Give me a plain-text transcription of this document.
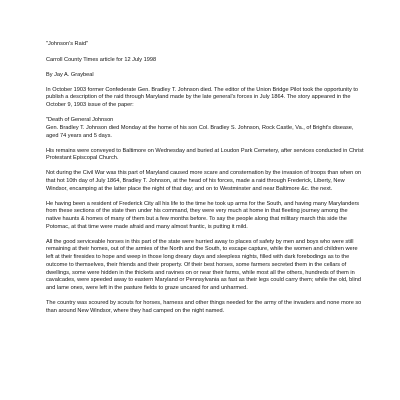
"Johnson's Raid"

Carroll County Times article for 12 July 1998

By Jay A. Graybeal

In October 1903 former Confederate Gen. Bradley T. Johnson died. The editor of the Union Bridge Pilot took the opportunity to publish a description of the raid through Maryland made by the late general's forces in July 1864. The story appeared in the October 9, 1903 issue of the paper:

"Death of General Johnson

Gen. Bradley T. Johnson died Monday at the home of his son Col. Bradley S. Johnson, Rock Castle, Va., of Bright's disease, aged 74 years and 5 days.

His remains were conveyed to Baltimore on Wednesday and buried at Loudon Park Cemetery, after services conducted in Christ Protestant Episcopal Church.

Not during the Civil War was this part of Maryland caused more scare and consternation by the invasion of troops than when on that hot 10th day of July 1864, Bradley T. Johnson, at the head of his forces, made a raid through Frederick, Liberty, New Windsor, encamping at the latter place the night of that day; and on to Westminster and near Baltimore &c. the next.

He having been a resident of Frederick City all his life to the time he took up arms for the South, and having many Marylanders from these sections of the state then under his command, they were very much at home in that fleeting journey among the native haunts & homes of many of them but a few months before. To say the people along that military march this side the Potomac, at that time were made afraid and many almost frantic, is putting it mild.

All the good serviceable horses in this part of the state were hurried away to places of safety by men and boys who were still remaining at their homes, out of the armies of the North and the South, to escape capture, while the women and children were left at their firesides to hope and weep in those long dreary days and sleepless nights, filled with dark forebodings as to the outcome to themselves, their friends and their property. Of their best horses, some farmers secreted them in the cellars of dwellings, some were hidden in the thickets and ravines on or near their farms, while most all the others, hundreds of them in cavalcades, were speeded away to eastern Maryland or Pennsylvania as fast as their legs could carry them; while the old, blind and lame ones, were left in the pasture fields to graze uncared for and unharmed.

The country was scoured by scouts for horses, harness and other things needed for the army of the invaders and none more so than around New Windsor, where they had camped on the night named.
